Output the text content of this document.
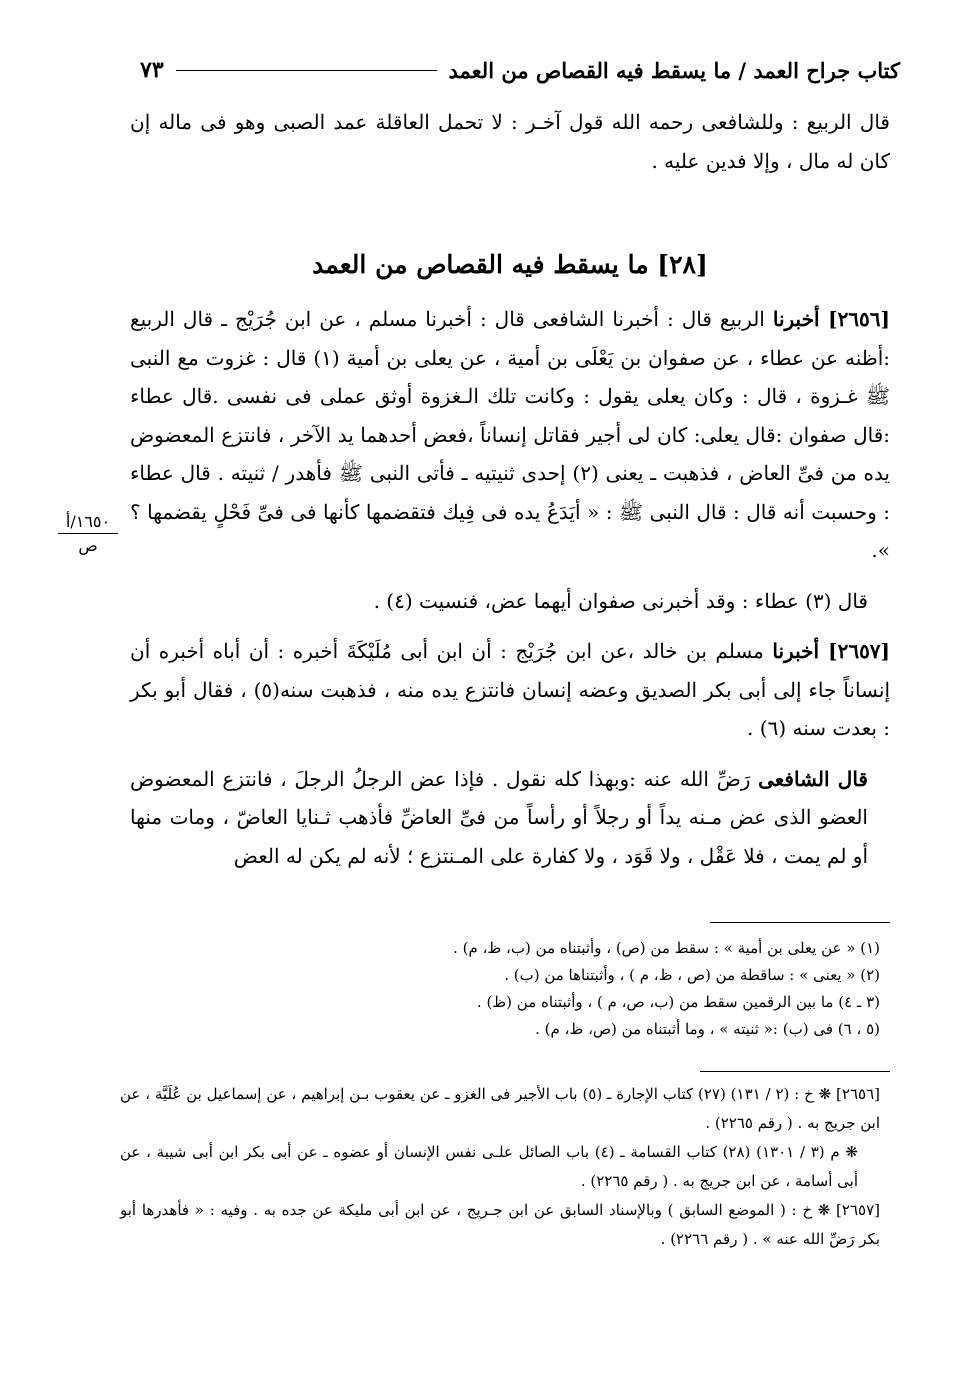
كتاب جراح العمد / ما يسقط فيه القصاص من العمد
٧٣

قال الربيع : وللشافعى رحمه الله قول آخـر : لا تحمل العاقلة عمد الصبى وهو فى ماله إن كان له مال ، وإلا فدين عليه .

[٢٨] ما يسقط فيه القصاص من العمد

[٢٦٥٦] أخبرنا الربيع قال : أخبرنا الشافعى قال : أخبرنا مسلم ، عن ابن جُرَيْج ـ قال الربيع :أظنه عن عطاء ، عن صفوان بن يَعْلَى بن أمية ، عن يعلى بن أمية (١) قال : غزوت مع النبى ﷺ غـزوة ، قال : وكان يعلى يقول : وكانت تلك الـغزوة أوثق عملى فى نفسى .قال عطاء :قال صفوان :قال يعلى: كان لى أجير فقاتل إنساناً ،فعض أحدهما يد الآخر ، فانتزع المعضوض يده من فىِّ العاض ، فذهبت ـ يعنى (٢) إحدى ثنيتيه ـ فأتى النبى ﷺ فأهدر / ثنيته . قال عطاء : وحسبت أنه قال : قال النبى ﷺ : « أيَدَعُ يده فى فِيك فتقضمها كأنها فى فىِّ فَحْلٍ يقضمها ؟ ».

قال (٣) عطاء : وقد أخبرنى صفوان أيهما عض، فنسيت (٤) .

[٢٦٥٧] أخبرنا مسلم بن خالد ،عن ابن جُرَيْج : أن ابن أبى مُلَيْكَةَ أخبره : أن أباه أخبره أن إنساناً جاء إلى أبى بكر الصديق وعضه إنسان فانتزع يده منه ، فذهبت سنه(٥) ، فقال أبو بكر : بعدت سنه (٦) .

قال الشافعى رَضِّ الله عنه :وبهذا كله نقول . فإذا عض الرجلُ الرجلَ ، فانتزع المعضوض العضو الذى عض مـنه يداً أو رجلاً أو رأساً من فىِّ العاضِّ فأذهب ثـنايا العاضّ ، ومات منها أو لم يمت ، فلا عَقْل ، ولا قَوَد ، ولا كفارة على المـنتزع ؛ لأنه لم يكن له العض

١٦٥٠/أ
ص
(١) « عن يعلى بن أمية » : سقط من (ص) ، وأثبتناه من (ب، ظ، م) .
(٢) « يعنى » : ساقطة من (ص ، ظ، م ) ، وأثبتناها من (ب) .
(٣ ـ ٤) ما بين الرقمين سقط من (ب، ص، م ) ، وأثبتناه من (ظ) .
(٥ ، ٦) فى (ب) :« ثنيته » ، وما أثبتناه من (ص، ظ، م) .

[٢٦٥٦] ❋ خ : (٢ / ١٣١) (٢٧) كتاب الإجارة ـ (٥) باب الأجير فى الغزو ـ عن يعقوب بـن إبراهيم ، عن إسماعيل بن عُلَيَّة ، عن ابن جريج به . ( رقم ٢٢٦٥) .

❋ م (٣ / ١٣٠١) (٢٨) كتاب القسامة ـ (٤) باب الصائل علـى نفس الإنسان أو عضوه ـ عن أبى بكر ابن أبى شيبة ، عن أبى أسامة ، عن ابن جريج به . ( رقم ٢٢٦٥) .

[٢٦٥٧] ❋ خ : ( الموضع السابق ) وبالإسناد السابق عن ابن جـريج ، عن ابن أبى مليكة عن جده به . وفيه : « فأهدرها أبو بكر رَضِّ الله عنه » . ( رقم ٢٢٦٦) .
